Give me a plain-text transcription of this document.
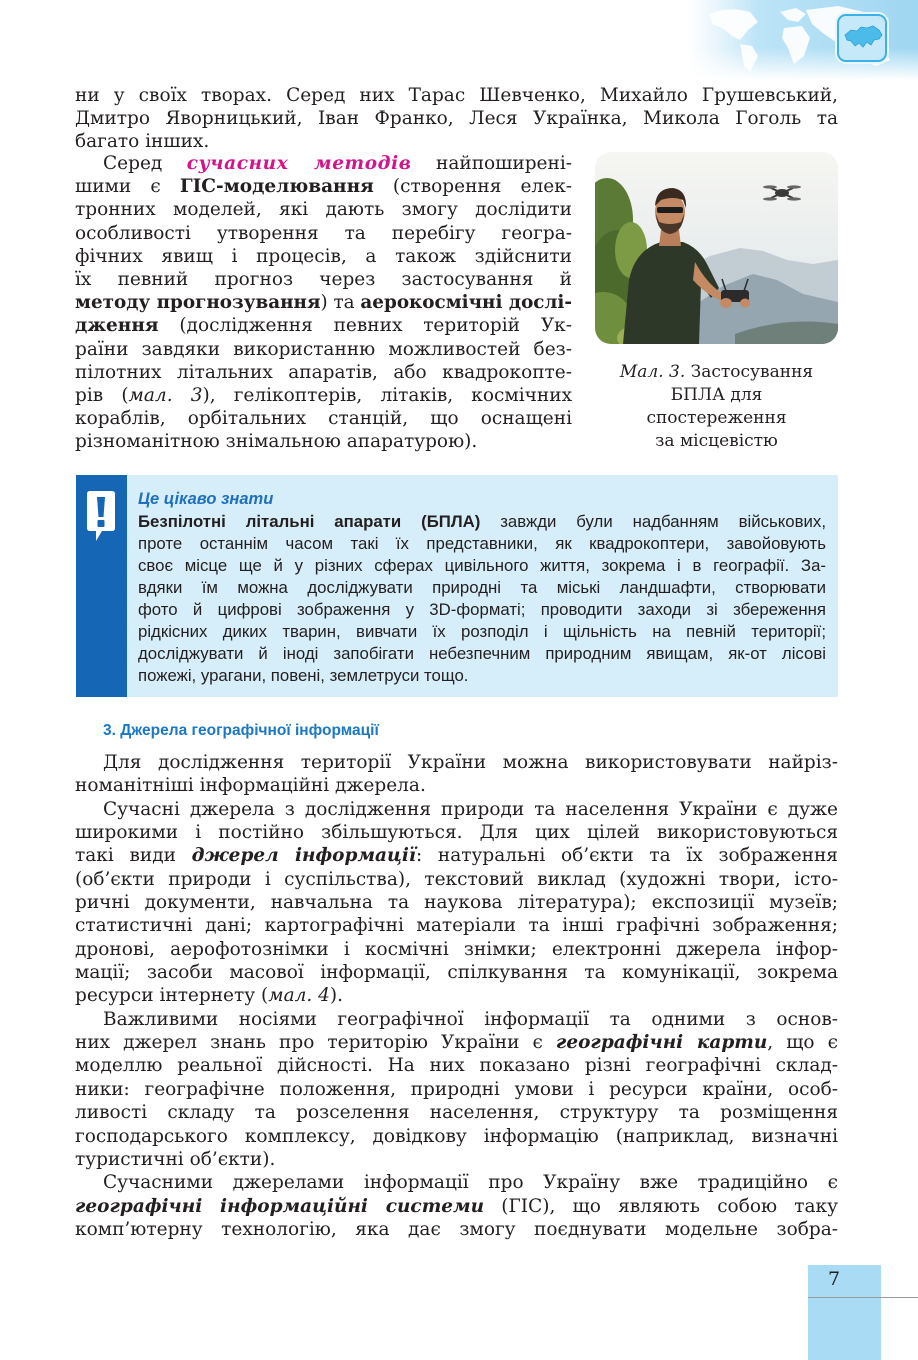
ни у своїх творах. Серед них Тарас Шевченко, Михайло Грушевський,
Дмитро Яворницький, Іван Франко, Леся Українка, Микола Гоголь та
багато інших.
Серед сучасних методів найпоширені-
шими є ГІС-моделювання (створення елек-
тронних моделей, які дають змогу дослідити
особливості утворення та перебігу геогра-
фічних явищ і процесів, а також здійснити
їх певний прогноз через застосування й
методу прогнозування) та аерокосмічні дослі-
дження (дослідження певних територій Ук-
раїни завдяки використанню можливостей без-
пілотних літальних апаратів, або квадрокопте-
рів (мал. 3), гелікоптерів, літаків, космічних
кораблів, орбітальних станцій, що оснащені
різноманітною знімальною апаратурою).
Мал. 3. Застосування
БПЛА для
спостереження
за місцевістю
Це цікаво знати
Безпілотні літальні апарати (БПЛА) завжди були надбанням військових,
проте останнім часом такі їх представники, як квадрокоптери, завойовують
своє місце ще й у різних сферах цивільного життя, зокрема і в географії. За-
вдяки їм можна досліджувати природні та міські ландшафти, створювати
фото й цифрові зображення у 3D-форматі; проводити заходи зі збереження
рідкісних диких тварин, вивчати їх розподіл і щільність на певній території;
досліджувати й іноді запобігати небезпечним природним явищам, як-от лісові
пожежі, урагани, повені, землетруси тощо.
3. Джерела географічної інформації
Для дослідження території України можна використовувати найріз-
номанітніші інформаційні джерела.
Сучасні джерела з дослідження природи та населення України є дуже
широкими і постійно збільшуються. Для цих цілей використовуються
такі види джерел інформації: натуральні об’єкти та їх зображення
(об’єкти природи і суспільства), текстовий виклад (художні твори, істо-
ричні документи, навчальна та наукова література); експозиції музеїв;
статистичні дані; картографічні матеріали та інші графічні зображення;
дронові, аерофотознімки і космічні знімки; електронні джерела інфор-
мації; засоби масової інформації, спілкування та комунікації, зокрема
ресурси інтернету (мал. 4).
Важливими носіями географічної інформації та одними з основ-
них джерел знань про територію України є географічні карти, що є
моделлю реальної дійсності. На них показано різні географічні склад-
ники: географічне положення, природні умови і ресурси країни, особ-
ливості складу та розселення населення, структуру та розміщення
господарського комплексу, довідкову інформацію (наприклад, визначні
туристичні об’єкти).
Сучасними джерелами інформації про Україну вже традиційно є
географічні інформаційні системи (ГІС), що являють собою таку
комп’ютерну технологію, яка дає змогу поєднувати модельне зобра-
7
